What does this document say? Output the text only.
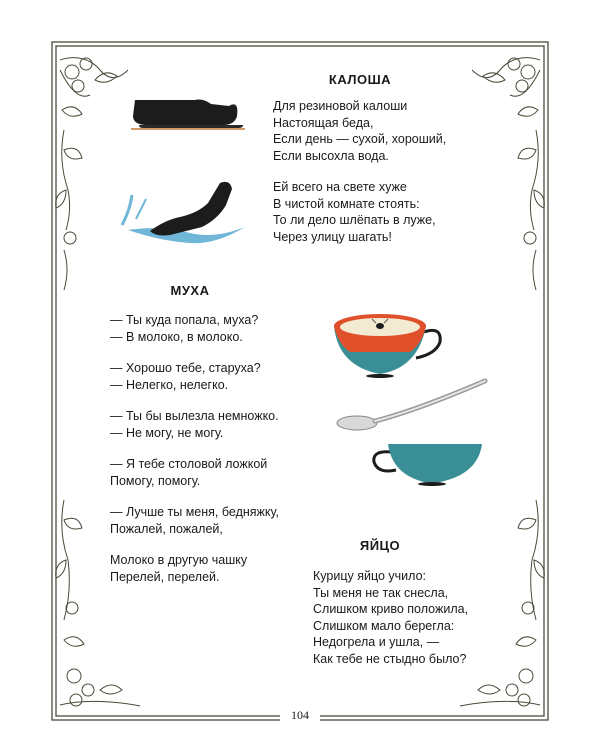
КАЛОША

Для резиновой калоши

Настоящая беда,

Если день — сухой, хороший,

Если высохла вода.

Ей всего на свете хуже

В чистой комнате стоять:

То ли дело шлёпать в луже,

Через улицу шагать!

МУХА

— Ты куда попала, муха?

— В молоко, в молоко.

— Хорошо тебе, старуха?

— Нелегко, нелегко.

— Ты бы вылезла немножко.

— Не могу, не могу.

— Я тебе столовой ложкой

Помогу, помогу.

— Лучше ты меня, бедняжку,

Пожалей, пожалей,

Молоко в другую чашку

Перелей, перелей.

ЯЙЦО

Курицу яйцо учило:

Ты меня не так снесла,

Слишком криво положила,

Слишком мало берегла:

Недогрела и ушла, —

Как тебе не стыдно было?

104
